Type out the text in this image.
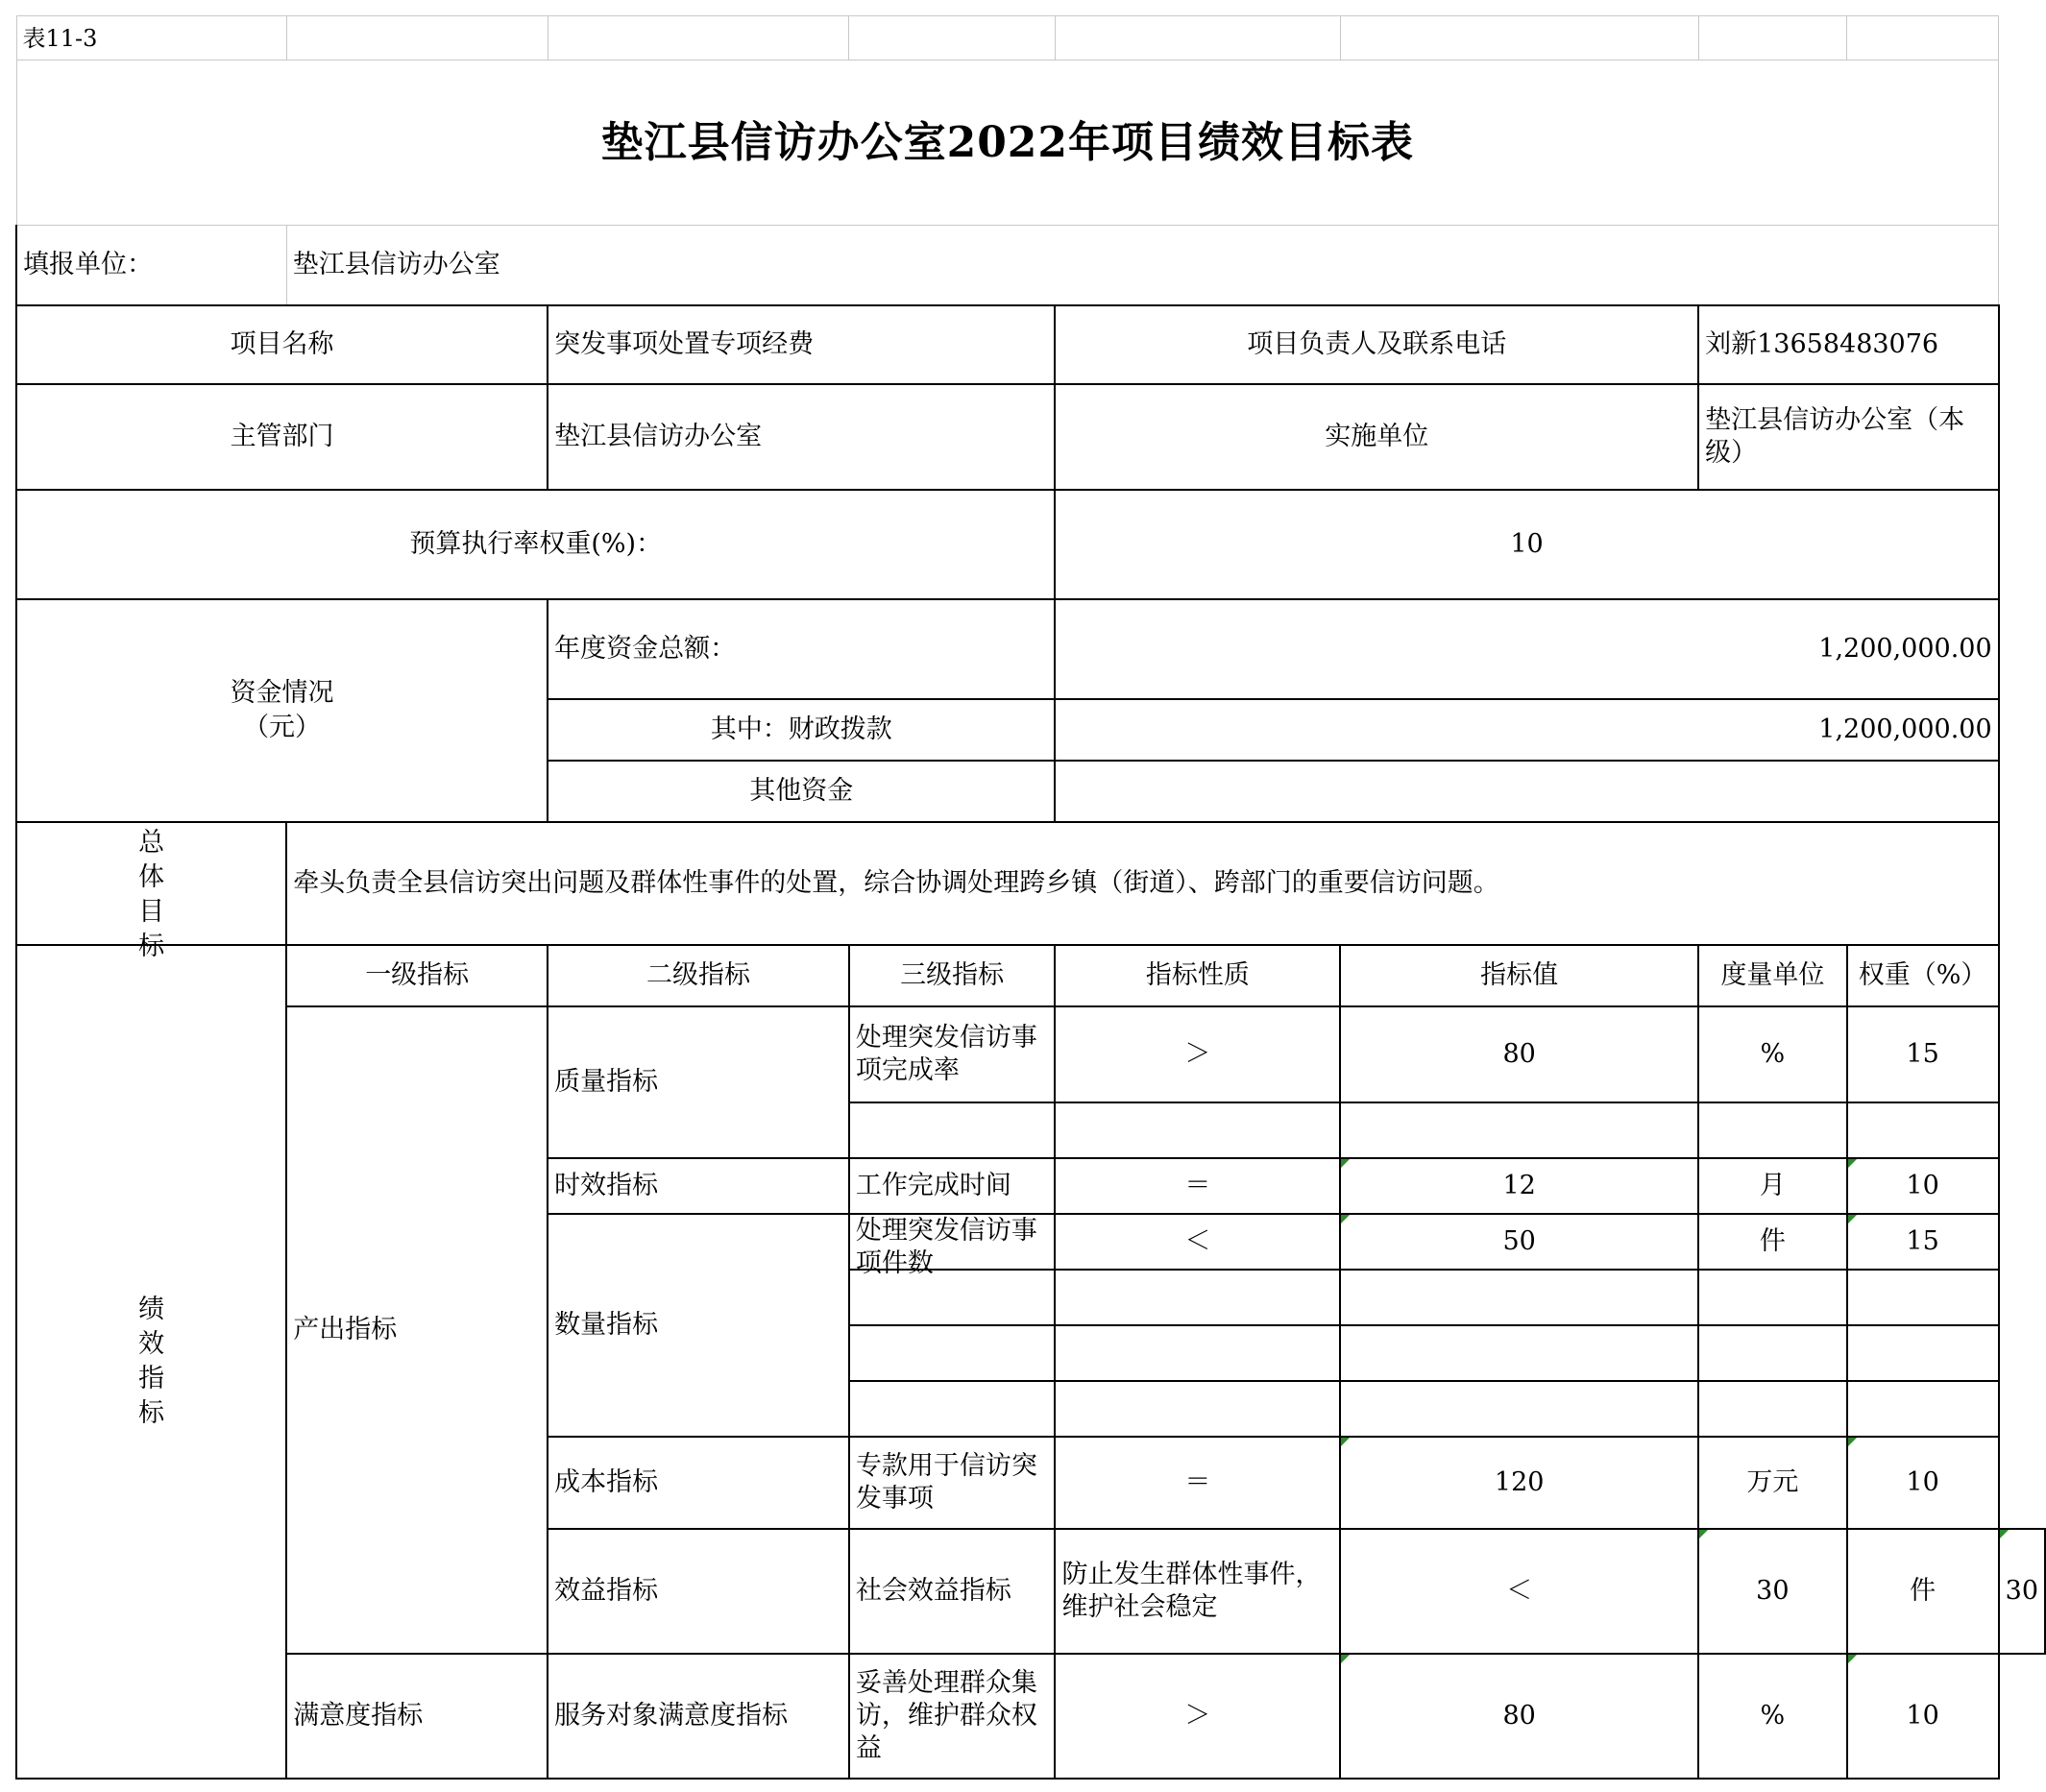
表11-3								
垫江县信访办公室2022年项目绩效目标表								
填报单位：	垫江县信访办公室							
项目名称		突发事项处置专项经费		项目负责人及联系电话		刘新13658483076		
主管部门		垫江县信访办公室		实施单位		垫江县信访办公室（本级）		
预算执行率权重(%)：				10				

资金情况（元）		年度资金总额：		1,200,000.00				
		其中：财政拨款		1,200,000.00				
		其他资金						

总体目标	牵头负责全县信访突出问题及群体性事件的处置，综合协调处理跨乡镇（街道）、跨部门的重要信访问题。							

绩效指标	一级指标	二级指标	三级指标	指标性质	指标值	度量单位	权重（%）	
	产出指标	质量指标	处理突发信访事项完成率	＞	80	%	15	

		时效指标	工作完成时间	＝	12	月	10	
		数量指标	处理突发信访事项件数	＜	50	件	15	

		成本指标	专款用于信访突发事项	＝	120	万元	10	
		效益指标	社会效益指标	防止发生群体性事件，维护社会稳定	＜	30	件	30
	满意度指标	服务对象满意度指标	妥善处理群众集访，维护群众权益	＞	80	%	10	
